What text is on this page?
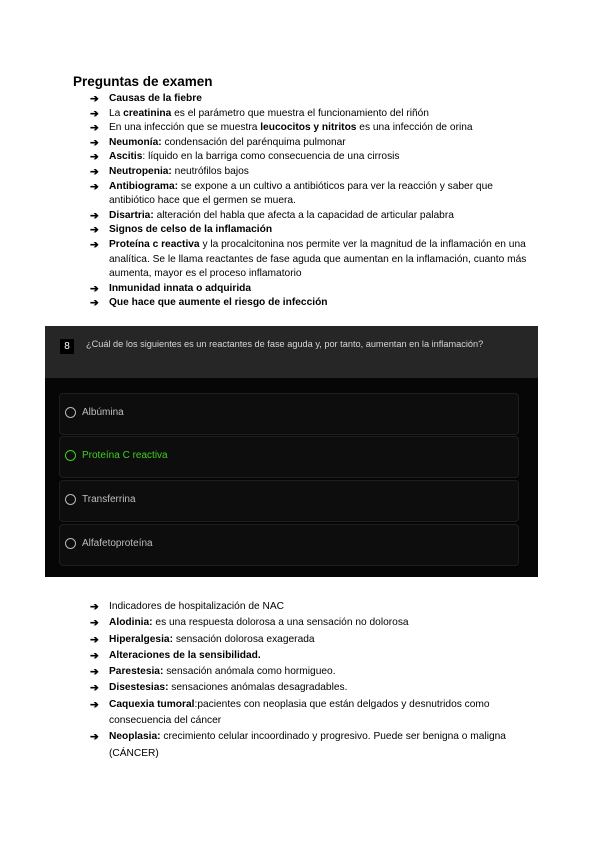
Preguntas de examen
➔ Causas de la fiebre
➔ La creatinina es el parámetro que muestra el funcionamiento del riñón
➔ En una infección que se muestra leucocitos y nitritos es una infección de orina
➔ Neumonía: condensación del parénquima pulmonar
➔ Ascitis: líquido en la barriga como consecuencia de una cirrosis
➔ Neutropenia: neutrófilos bajos
➔ Antibiograma: se expone a un cultivo a antibióticos para ver la reacción y saber que antibiótico hace que el germen se muera.
➔ Disartria: alteración del habla que afecta a la capacidad de articular palabra
➔ Signos de celso de la inflamación
➔ Proteína c reactiva y la procalcitonina nos permite ver la magnitud de la inflamación en una analítica. Se le llama reactantes de fase aguda que aumentan en la inflamación, cuanto más aumenta, mayor es el proceso inflamatorio
➔ Inmunidad innata o adquirida
➔ Que hace que aumente el riesgo de infección
8	¿Cuál de los siguientes es un reactantes de fase aguda y, por tanto, aumentan en la inflamación?
Albúmina
Proteína C reactiva
Transferrina
Alfafetoproteína
➔ Indicadores de hospitalización de NAC
➔ Alodinia: es una respuesta dolorosa a una sensación no dolorosa
➔ Hiperalgesia: sensación dolorosa exagerada
➔ Alteraciones de la sensibilidad.
➔ Parestesia: sensación anómala como hormigueo.
➔ Disestesias: sensaciones anómalas desagradables.
➔ Caquexia tumoral:pacientes con neoplasia que están delgados y desnutridos como consecuencia del cáncer
➔ Neoplasia: crecimiento celular incoordinado y progresivo. Puede ser benigna o maligna (CÁNCER)
